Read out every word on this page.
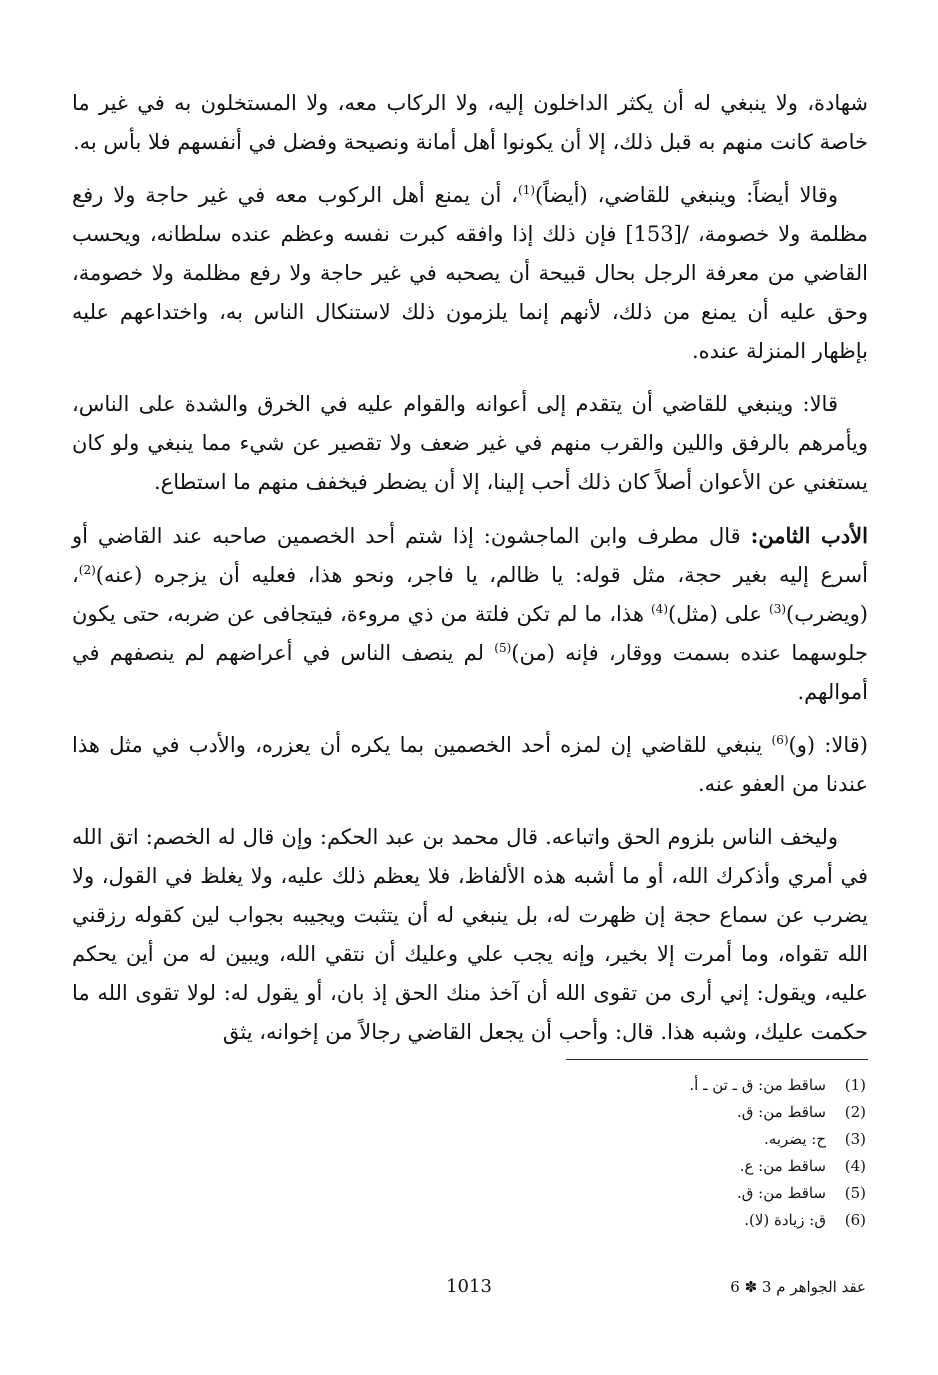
شهادة، ولا ينبغي له أن يكثر الداخلون إليه، ولا الركاب معه، ولا المستخلون به في غير ما خاصة كانت منهم به قبل ذلك، إلا أن يكونوا أهل أمانة ونصيحة وفضل في أنفسهم فلا بأس به.

وقالا أيضاً: وينبغي للقاضي، (أيضاً)$^{(1)}$، أن يمنع أهل الركوب معه في غير حاجة ولا رفع مظلمة ولا خصومة، /[153] فإن ذلك إذا وافقه كبرت نفسه وعظم عنده سلطانه، ويحسب القاضي من معرفة الرجل بحال قبيحة أن يصحبه في غير حاجة ولا رفع مظلمة ولا خصومة، وحق عليه أن يمنع من ذلك، لأنهم إنما يلزمون ذلك لاستنكال الناس به، واختداعهم عليه بإظهار المنزلة عنده.

قالا: وينبغي للقاضي أن يتقدم إلى أعوانه والقوام عليه في الخرق والشدة على الناس، ويأمرهم بالرفق واللين والقرب منهم في غير ضعف ولا تقصير عن شيء مما ينبغي ولو كان يستغني عن الأعوان أصلاً كان ذلك أحب إلينا، إلا أن يضطر فيخفف منهم ما استطاع.

الأدب الثامن: قال مطرف وابن الماجشون: إذا شتم أحد الخصمين صاحبه عند القاضي أو أسرع إليه بغير حجة، مثل قوله: يا ظالم، يا فاجر، ونحو هذا، فعليه أن يزجره (عنه)$^{(2)}$، (ويضرب)$^{(3)}$ على (مثل)$^{(4)}$ هذا، ما لم تكن فلتة من ذي مروءة، فيتجافى عن ضربه، حتى يكون جلوسهما عنده بسمت ووقار، فإنه (من)$^{(5)}$ لم ينصف الناس في أعراضهم لم ينصفهم في أموالهم.

(قالا: (و)$^{(6)}$ ينبغي للقاضي إن لمزه أحد الخصمين بما يكره أن يعزره، والأدب في مثل هذا عندنا من العفو عنه.

وليخف الناس بلزوم الحق واتباعه. قال محمد بن عبد الحكم: وإن قال له الخصم: اتق الله في أمري وأذكرك الله، أو ما أشبه هذه الألفاظ، فلا يعظم ذلك عليه، ولا يغلظ في القول، ولا يضرب عن سماع حجة إن ظهرت له، بل ينبغي له أن يتثبت ويجيبه بجواب لين كقوله رزقني الله تقواه، وما أمرت إلا بخير، وإنه يجب علي وعليك أن نتقي الله، ويبين له من أين يحكم عليه، ويقول: إني أرى من تقوى الله أن آخذ منك الحق إذ بان، أو يقول له: لولا تقوى الله ما حكمت عليك، وشبه هذا. قال: وأحب أن يجعل القاضي رجالاً من إخوانه، يثق

(1)
ساقط من: ق ـ تن ـ أ.
(2)
ساقط من: ق.
(3)
ح: يضربه.
(4)
ساقط من: ع.
(5)
ساقط من: ق.
(6)
ق: زيادة (لا).
1013	عقد الجواهر م 3 ✽ 6
